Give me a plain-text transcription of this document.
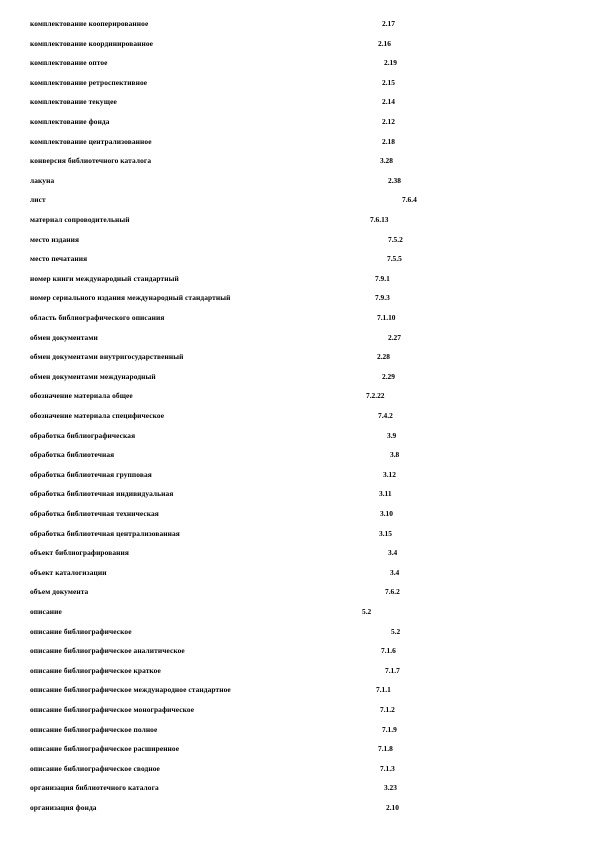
комплектование кооперированное	2.17
комплектование координированное	2.16
комплектование оптое	2.19
комплектование ретроспективное	2.15
комплектование текущее	2.14
комплектование фонда	2.12
комплектование централизованное	2.18
конверсия библиотечного каталога	3.28
лакуна	2.38
лист	7.6.4
материал сопроводительный	7.6.13
место издания	7.5.2
место печатания	7.5.5
номер книги международный стандартный	7.9.1
номер сериального издания международный стандартный	7.9.3
область библиографического описания	7.1.10
обмен документами	2.27
обмен документами внутригосударственный	2.28
обмен документами международный	2.29
обозначение материала общее	7.2.22
обозначение материала специфическое	7.4.2
обработка библиографическая	3.9
обработка библиотечная	3.8
обработка библиотечная групповая	3.12
обработка библиотечная индивидуальная	3.11
обработка библиотечная техническая	3.10
обработка библиотечная централизованная	3.15
объект библиографирования	3.4
объект каталогизации	3.4
объем документа	7.6.2
описание	5.2
описание библиографическое	5.2
описание библиографическое аналитическое	7.1.6
описание библиографическое краткое	7.1.7
описание библиографическое международное стандартное	7.1.1
описание библиографическое монографическое	7.1.2
описание библиографическое полное	7.1.9
описание библиографическое расширенное	7.1.8
описание библиографическое сводное	7.1.3
организация библиотечного каталога	3.23
организация фонда	2.10
